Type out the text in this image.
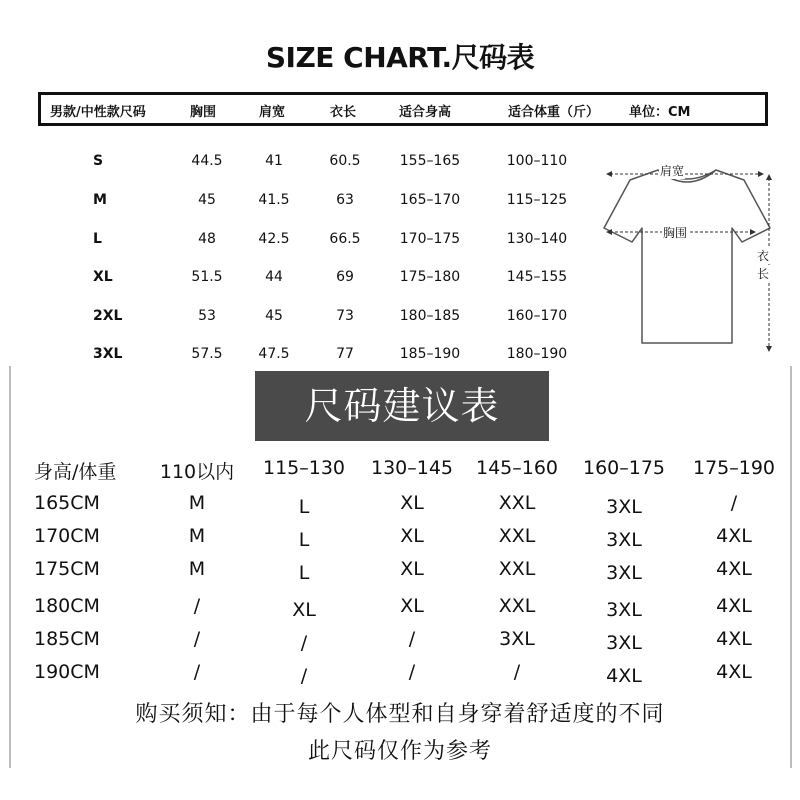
SIZE CHART.尺码表
男款/中性款尺码	胸围	肩宽	衣长	适合身高	适合体重（斤） 单位：CM
S	44.5	41	60.5	155–165	100–110
M	45	41.5	63	165–170	115–125
L	48	42.5	66.5	170–175	130–140
XL	51.5	44	69	175–180	145–155
2XL	53	45	73	180–185	160–170
3XL	57.5	47.5	77	185–190	180–190
肩宽
胸围
衣
长
尺码建议表
身高/体重	110以内	115–130	130–145	145–160	160–175	175–190
165CM	M	L	XL	XXL	3XL	/
170CM	M	L	XL	XXL	3XL	4XL
175CM	M	L	XL	XXL	3XL	4XL
180CM	/	XL	XL	XXL	3XL	4XL
185CM	/	/	/	3XL	3XL	4XL
190CM	/	/	/	/	4XL	4XL
购买须知：由于每个人体型和自身穿着舒适度的不同
此尺码仅作为参考
